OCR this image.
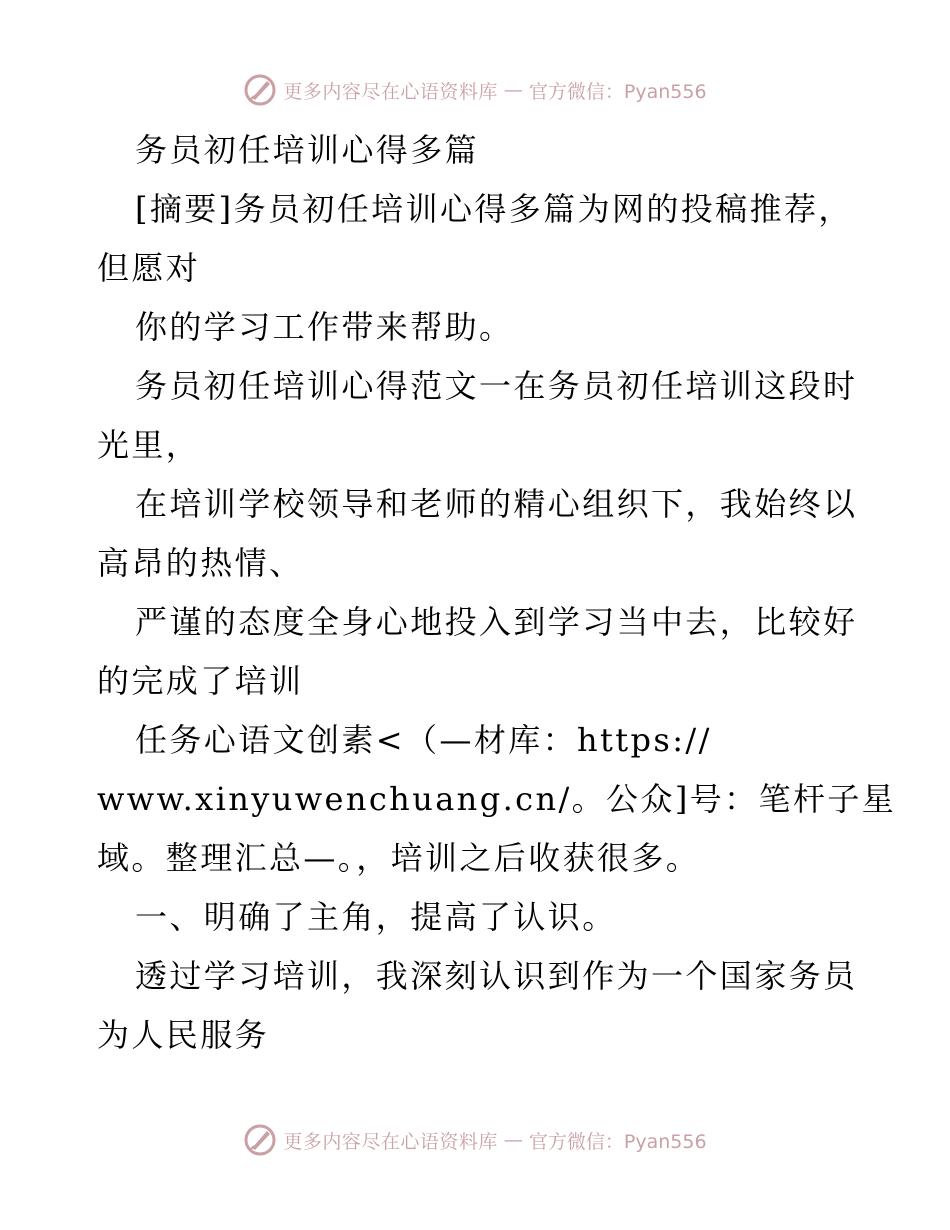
更多内容尽在心语资料库 — 官方微信：Pyan556
务员初任培训心得多篇
[摘要]务员初任培训心得多篇为网的投稿推荐，
但愿对
你的学习工作带来帮助。
务员初任培训心得范文一在务员初任培训这段时
光里，
在培训学校领导和老师的精心组织下，我始终以
高昂的热情、
严谨的态度全身心地投入到学习当中去，比较好
的完成了培训
任务心语文创素<（—材库：https://
www.xinyuwenchuang.cn/。公众]号：笔杆子星
域。整理汇总—。，培训之后收获很多。
一、明确了主角，提高了认识。
透过学习培训，我深刻认识到作为一个国家务员
为人民服务
更多内容尽在心语资料库 — 官方微信：Pyan556
